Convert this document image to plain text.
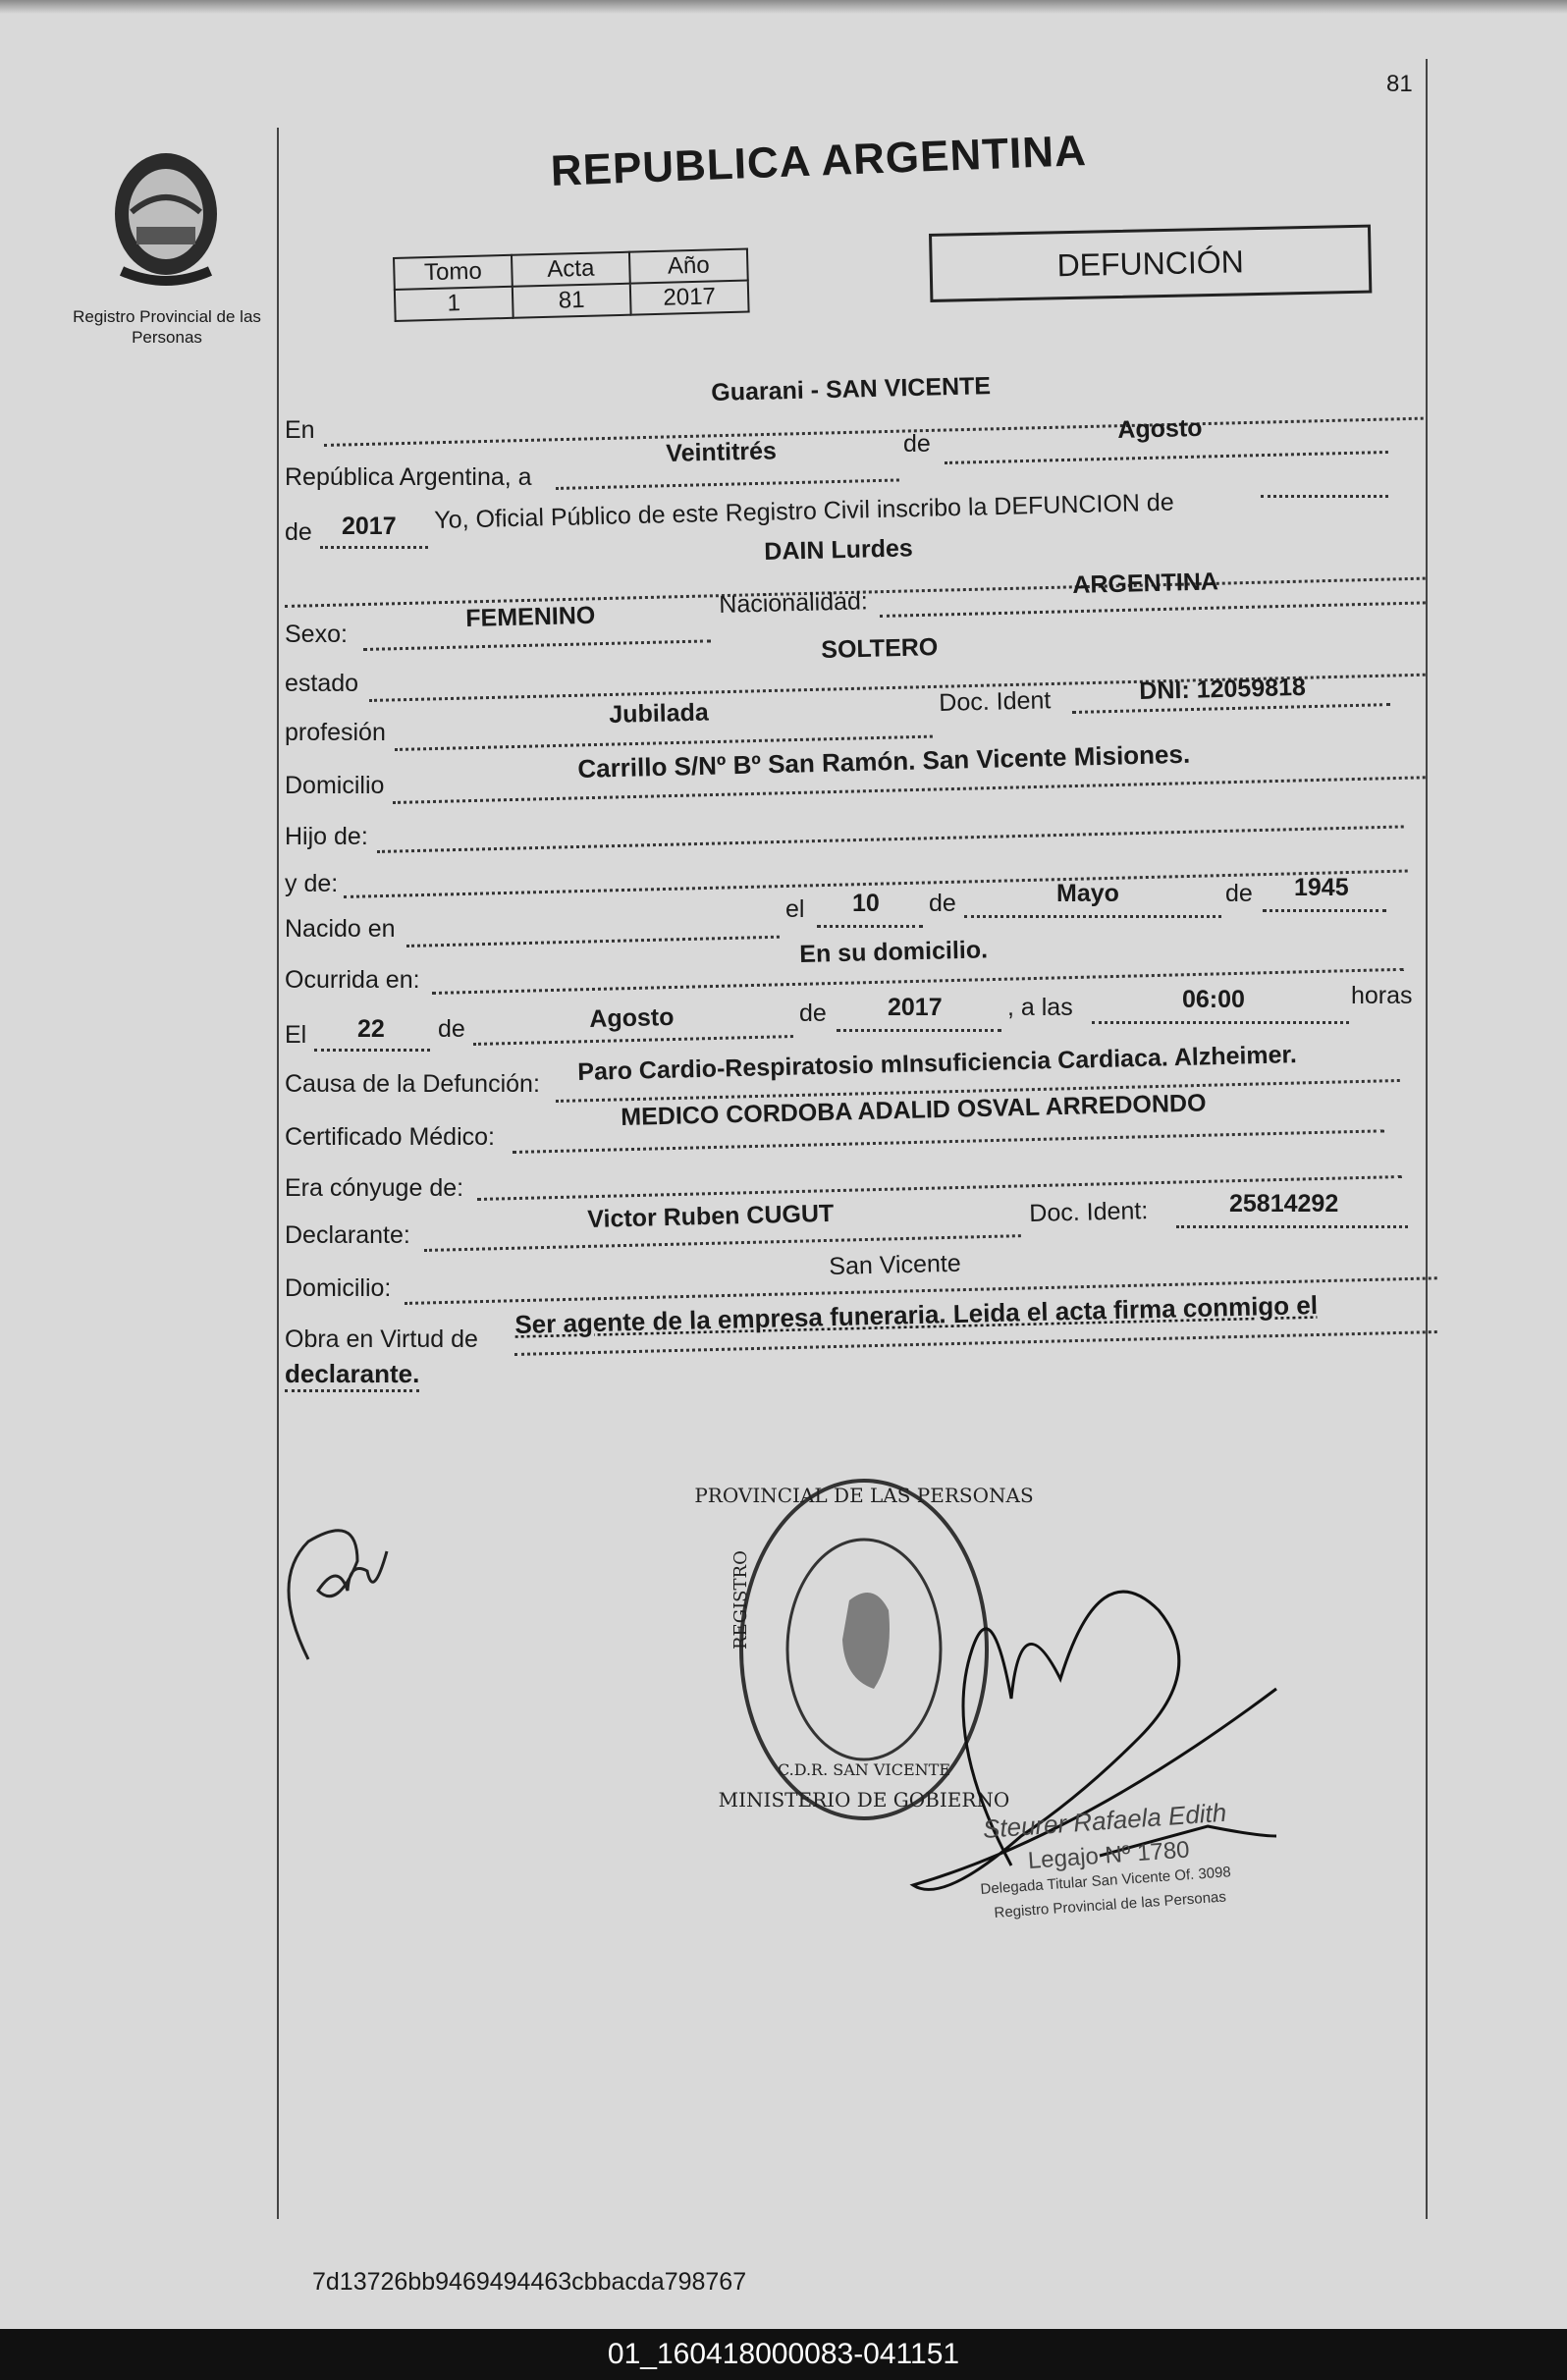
81
Registro Provincial de las Personas
REPUBLICA ARGENTINA
DEFUNCIÓN
Tomo	Acta	Año
1	81	2017
En
Guarani - SAN VICENTE
República Argentina, a
Veintitrés	de
Agosto
de 2017 Yo, Oficial Público de este Registro Civil inscribo la DEFUNCION de
DAIN Lurdes
Sexo:
FEMENINO	Nacionalidad:
ARGENTINA
estado
SOLTERO
profesión
Jubilada	Doc. Ident	DNI: 12059818
Domicilio
Carrillo S/Nº Bº San Ramón. San Vicente Misiones.
Hijo de:
y de:
Nacido en
el 10 de	Mayo	de 1945
Ocurrida en:
En su domicilio.
El 22 de	Agosto	de 2017	, a las	06:00	horas
Causa de la Defunción: Paro Cardio-Respiratosio mInsuficiencia Cardiaca. Alzheimer.
Certificado Médico:
MEDICO CORDOBA ADALID OSVAL ARREDONDO
Era cónyuge de:
Declarante:
Victor Ruben CUGUT	Doc. Ident:	25814292
Domicilio:
San Vicente
Obra en Virtud de
Ser agente de la empresa funeraria. Leida el acta firma conmigo el
declarante.
PROVINCIAL DE LAS PERSONAS
REGISTRO
MINISTERIO DE GOBIERNO
C.D.R. SAN VICENTE
Steurer Rafaela Edith
Legajo Nº 1780
Delegada Titular San Vicente Of. 3098
Registro Provincial de las Personas
7d13726bb9469494463cbbacda798767
01_160418000083-041151
